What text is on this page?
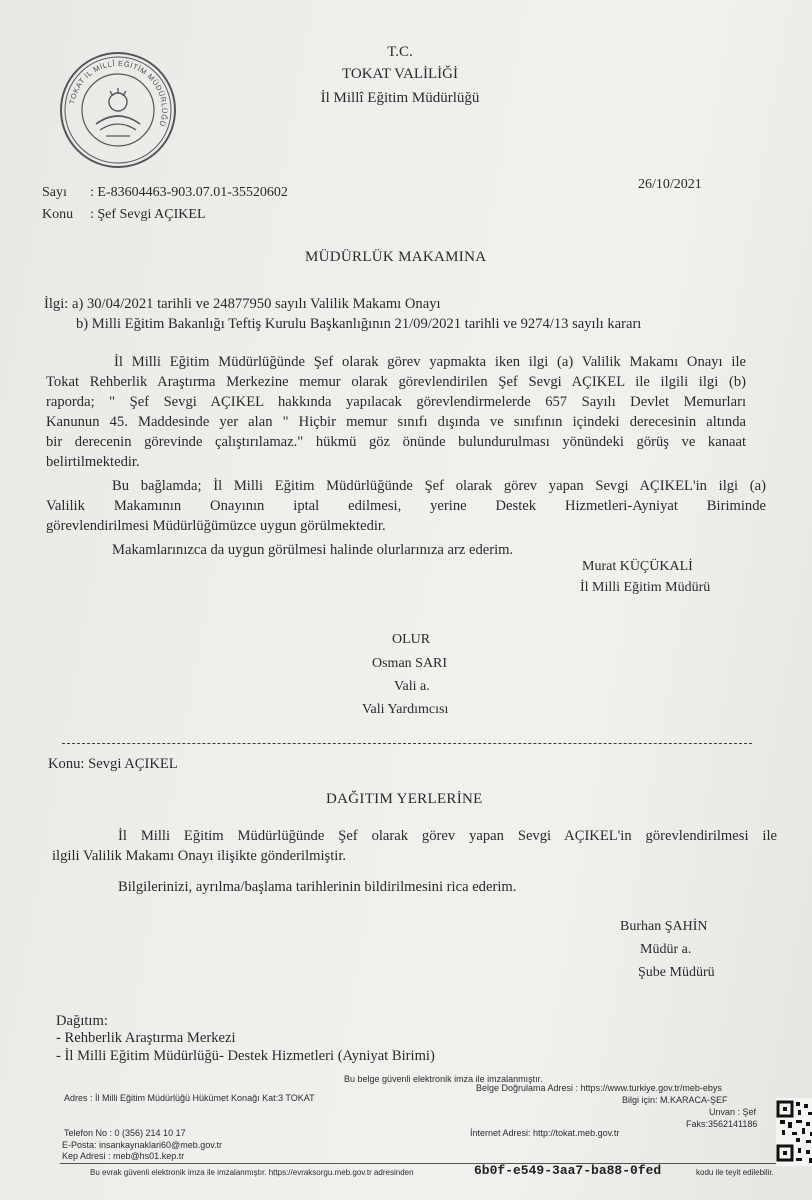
TOKAT İL MİLLÎ EĞİTİM MÜDÜRLÜĞÜ
T.C.
TOKAT VALİLİĞİ
İl Millî Eğitim Müdürlüğü
Sayı : E-83604463-903.07.01-35520602
26/10/2021
Konu : Şef Sevgi AÇIKEL
MÜDÜRLÜK MAKAMINA
İlgi: a) 30/04/2021 tarihli ve 24877950 sayılı Valilik Makamı Onayı
b) Milli Eğitim Bakanlığı Teftiş Kurulu Başkanlığının 21/09/2021 tarihli ve 9274/13 sayılı kararı

İl Milli Eğitim Müdürlüğünde Şef olarak görev yapmakta iken ilgi (a) Valilik Makamı Onayı ile

Tokat Rehberlik Araştırma Merkezine memur olarak görevlendirilen Şef Sevgi AÇIKEL ile ilgili ilgi (b)

raporda; " Şef Sevgi AÇIKEL hakkında yapılacak görevlendirmelerde 657 Sayılı Devlet Memurları

Kanunun 45. Maddesinde yer alan " Hiçbir memur sınıfı dışında ve sınıfının içindeki derecesinin altında

bir derecenin görevinde çalıştırılamaz." hükmü göz önünde bulundurulması yönündeki görüş ve kanaat

belirtilmektedir.

Bu bağlamda; İl Milli Eğitim Müdürlüğünde Şef olarak görev yapan Sevgi AÇIKEL'in ilgi (a)

Valilik Makamının Onayının iptal edilmesi, yerine Destek Hizmetleri-Ayniyat Biriminde

görevlendirilmesi Müdürlüğümüzce uygun görülmektedir.

Makamlarınızca da uygun görülmesi halinde olurlarınıza arz ederim.
Murat KÜÇÜKALİ
İl Milli Eğitim Müdürü
OLUR
Osman SARI
Vali a.
Vali Yardımcısı
Konu: Sevgi AÇIKEL
DAĞITIM YERLERİNE

İl Milli Eğitim Müdürlüğünde Şef olarak görev yapan Sevgi AÇIKEL'in görevlendirilmesi ile

ilgili Valilik Makamı Onayı ilişikte gönderilmiştir.

Bilgilerinizi, ayrılma/başlama tarihlerinin bildirilmesini rica ederim.
Burhan ŞAHİN
Müdür a.
Şube Müdürü
Dağıtım:
- Rehberlik Araştırma Merkezi
- İl Milli Eğitim Müdürlüğü- Destek Hizmetleri (Ayniyat Birimi)
Bu belge güvenli elektronik imza ile imzalanmıştır.
Belge Doğrulama Adresi : https://www.turkiye.gov.tr/meb-ebys
Adres : İl Milli Eğitim Müdürlüğü Hükümet Konağı Kat:3 TOKAT	Bilgi için: M.KARACA-ŞEF
Unvan : Şef
Telefon No : 0 (356) 214 10 17
Faks:3562141186
E-Posta: insankaynaklari60@meb.gov.tr
İnternet Adresi: http://tokat.meb.gov.tr
Kep Adresi : meb@hs01.kep.tr
Bu evrak güvenli elektronik imza ile imzalanmıştır. https://evraksorgu.meb.gov.tr adresinden	6b0f-e549-3aa7-ba88-0fed	kodu ile teyit edilebilir.
